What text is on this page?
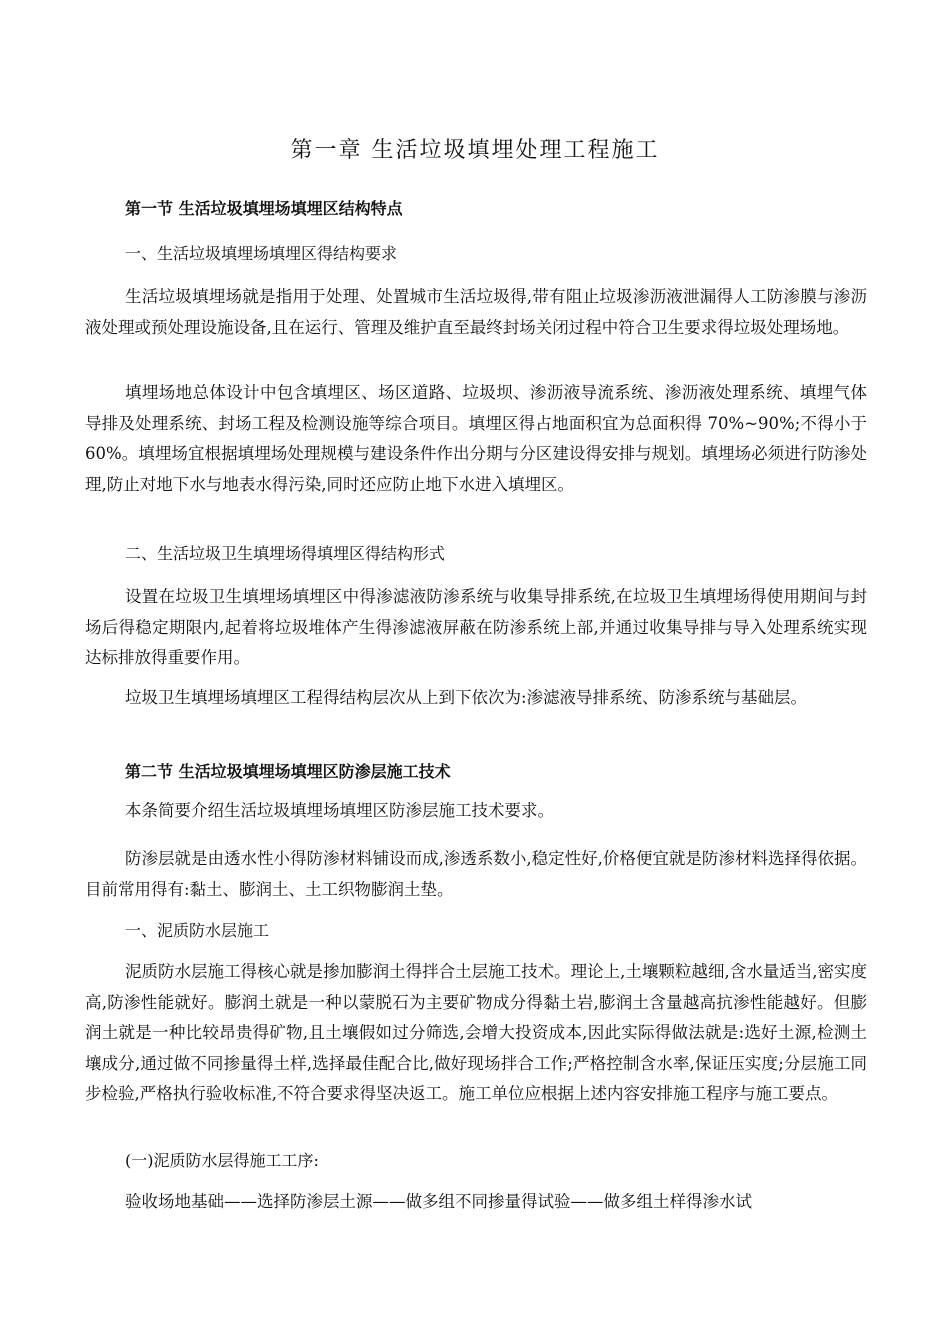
第一章 生活垃圾填埋处理工程施工
第一节 生活垃圾填埋场填埋区结构特点
一、生活垃圾填埋场填埋区得结构要求
生活垃圾填埋场就是指用于处理、处置城市生活垃圾得,带有阻止垃圾渗沥液泄漏得人工防渗膜与渗沥液处理或预处理设施设备,且在运行、管理及维护直至最终封场关闭过程中符合卫生要求得垃圾处理场地。
填埋场地总体设计中包含填埋区、场区道路、垃圾坝、渗沥液导流系统、渗沥液处理系统、填埋气体导排及处理系统、封场工程及检测设施等综合项目。填埋区得占地面积宜为总面积得 70%~90%;不得小于 60%。填埋场宜根据填埋场处理规模与建设条件作出分期与分区建设得安排与规划。填埋场必须进行防渗处理,防止对地下水与地表水得污染,同时还应防止地下水进入填埋区。
二、生活垃圾卫生填埋场得填埋区得结构形式
设置在垃圾卫生填埋场填埋区中得渗滤液防渗系统与收集导排系统,在垃圾卫生填埋场得使用期间与封场后得稳定期限内,起着将垃圾堆体产生得渗滤液屏蔽在防渗系统上部,并通过收集导排与导入处理系统实现达标排放得重要作用。
垃圾卫生填埋场填埋区工程得结构层次从上到下依次为:渗滤液导排系统、防渗系统与基础层。
第二节 生活垃圾填埋场填埋区防渗层施工技术
本条简要介绍生活垃圾填埋场填埋区防渗层施工技术要求。
防渗层就是由透水性小得防渗材料铺设而成,渗透系数小,稳定性好,价格便宜就是防渗材料选择得依据。目前常用得有:黏土、膨润土、土工织物膨润土垫。
一、泥质防水层施工
泥质防水层施工得核心就是掺加膨润土得拌合土层施工技术。理论上,土壤颗粒越细,含水量适当,密实度高,防渗性能就好。膨润土就是一种以蒙脱石为主要矿物成分得黏土岩,膨润土含量越高抗渗性能越好。但膨润土就是一种比较昂贵得矿物,且土壤假如过分筛选,会增大投资成本,因此实际得做法就是:选好土源,检测土壤成分,通过做不同掺量得土样,选择最佳配合比,做好现场拌合工作;严格控制含水率,保证压实度;分层施工同步检验,严格执行验收标准,不符合要求得坚决返工。施工单位应根据上述内容安排施工程序与施工要点。
(一)泥质防水层得施工工序:
验收场地基础——选择防渗层土源——做多组不同掺量得试验——做多组土样得渗水试
